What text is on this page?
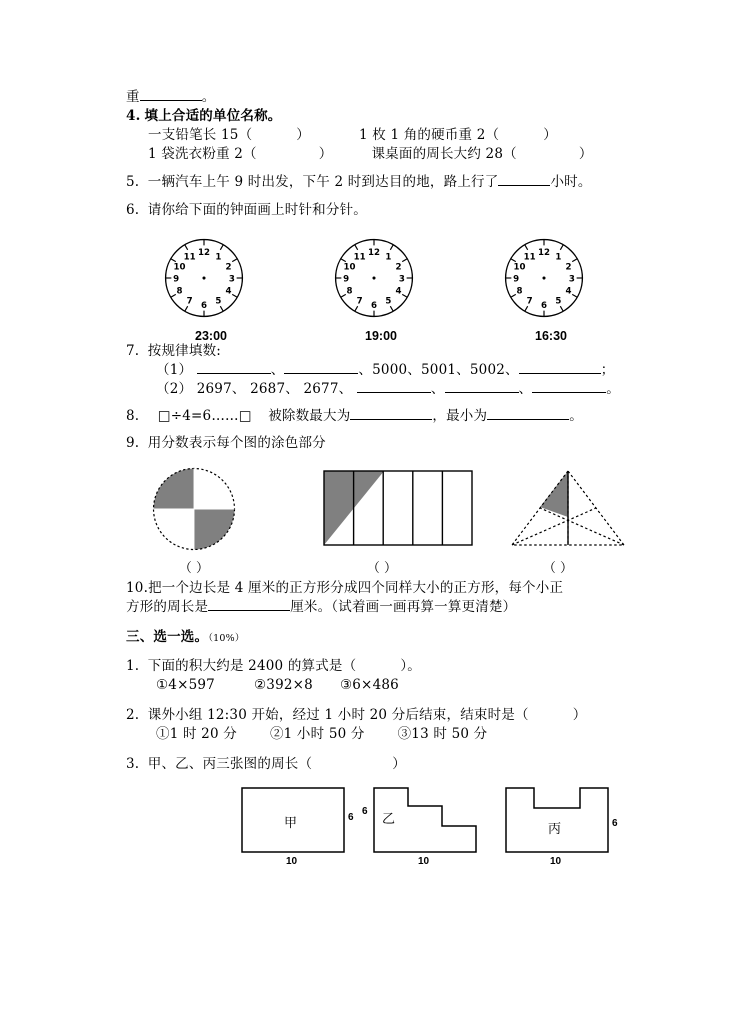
重	。
4. 填上合适的单位名称。
一支铅笔长 15（	）	1 枚 1 角的硬币重 2（	）
1 袋洗衣粉重 2（	）	课桌面的周长大约 28（	）
5. 一辆汽车上午 9 时出发，下午 2 时到达目的地，路上行了	小时。
6. 请你给下面的钟面画上时针和分针。
12 1
2
3
4
5
6
7
8
9
10
11
23:00
12 1
2
3
4
5
6
7
8
9
10
11
19:00
12 1
2
3
4
5
6
7
8
9
10
11
16:30
7. 按规律填数:
（1）	、	、5000、5001、5002、	；
（2） 2697、 2687、 2677、	、	、	。
8. □÷4=6……□ 被除数最大为	，最小为	。
9. 用分数表示每个图的涂色部分
（ ）	（ ）	（ ）
10.把一个边长是 4 厘米的正方形分成四个同样大小的正方形，每个小正
方形的周长是	厘米。（试着画一画再算一算更清楚）
三、选一选。（10%）
1. 下面的积大约是 2400 的算式是（	）。
①4×597	②392×8 ③6×486
2. 课外小组 12:30 开始，经过 1 小时 20 分后结束，结束时是（	）
①1 时 20 分 ②1 小时 50 分 ③13 时 50 分
3. 甲、乙、丙三张图的周长（	）
甲	6
10
乙
6
10
丙	6
10
